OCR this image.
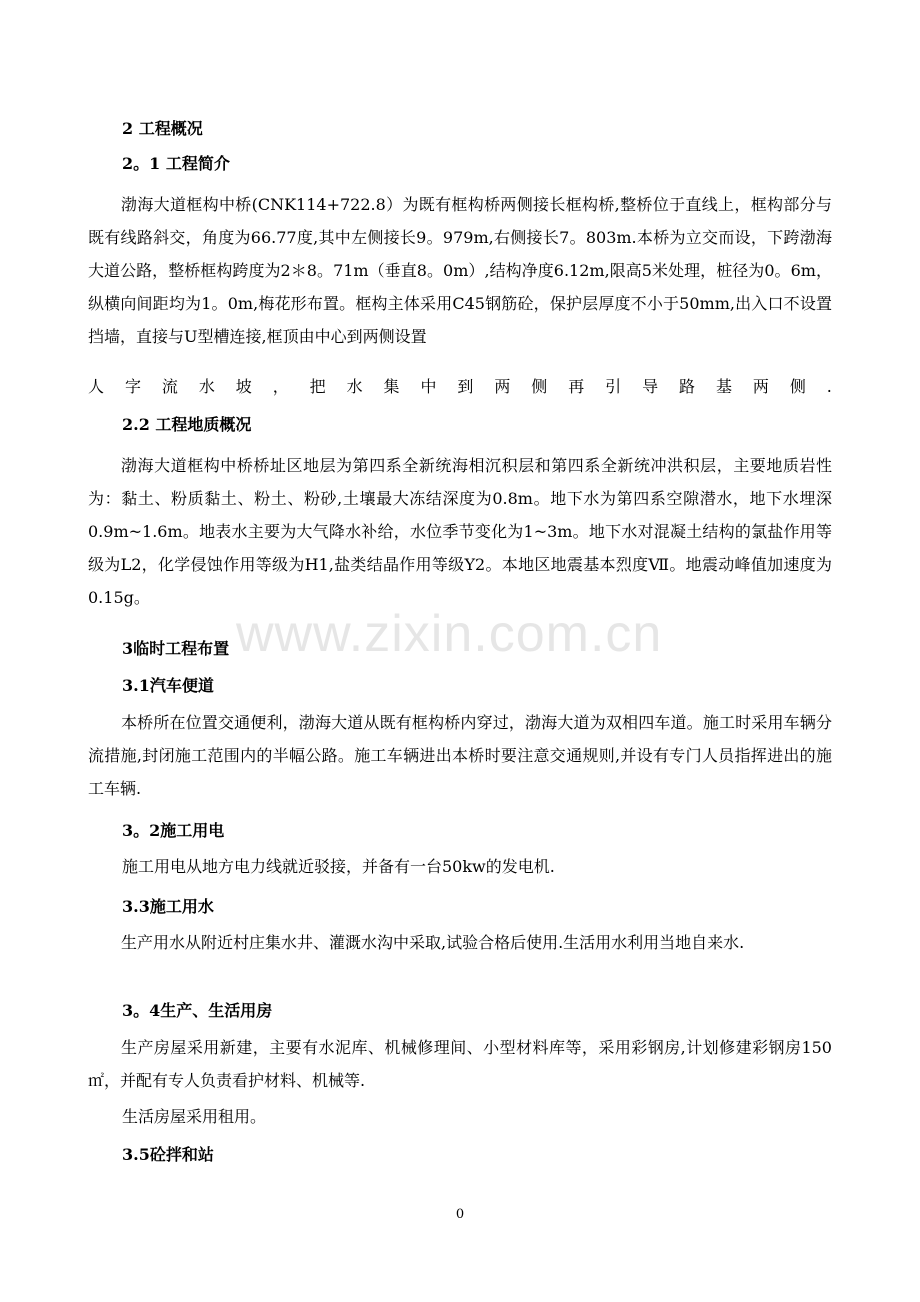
2 工程概况
2。1 工程简介
渤海大道框构中桥(CNK114+722.8）为既有框构桥两侧接长框构桥,整桥位于直线上，框构部分与既有线路斜交，角度为66.77度,其中左侧接长9。979m,右侧接长7。803m.本桥为立交而设，下跨渤海大道公路，整桥框构跨度为2＊8。71m（垂直8。0m）,结构净度6.12m,限高5米处理，桩径为0。6m，纵横向间距均为1。0m,梅花形布置。框构主体采用C45钢筋砼，保护层厚度不小于50mm,出入口不设置挡墙，直接与U型槽连接,框顶由中心到两侧设置
人 字 流 水 坡 ， 把 水 集 中 到 两 侧 再 引 导 路 基 两 侧 .
2.2 工程地质概况
渤海大道框构中桥桥址区地层为第四系全新统海相沉积层和第四系全新统冲洪积层，主要地质岩性为：黏土、粉质黏土、粉土、粉砂,土壤最大冻结深度为0.8m。地下水为第四系空隙潜水，地下水埋深0.9m~1.6m。地表水主要为大气降水补给，水位季节变化为1~3m。地下水对混凝土结构的氯盐作用等级为L2，化学侵蚀作用等级为H1,盐类结晶作用等级Y2。本地区地震基本烈度Ⅶ。地震动峰值加速度为0.15g。
3临时工程布置
3.1汽车便道
本桥所在位置交通便利，渤海大道从既有框构桥内穿过，渤海大道为双相四车道。施工时采用车辆分流措施,封闭施工范围内的半幅公路。施工车辆进出本桥时要注意交通规则,并设有专门人员指挥进出的施工车辆.
3。2施工用电
施工用电从地方电力线就近驳接，并备有一台50kw的发电机.
3.3施工用水
生产用水从附近村庄集水井、灌溉水沟中采取,试验合格后使用.生活用水利用当地自来水.
3。4生产、生活用房
生产房屋采用新建，主要有水泥库、机械修理间、小型材料库等，采用彩钢房,计划修建彩钢房150㎡，并配有专人负责看护材料、机械等.
生活房屋采用租用。
3.5砼拌和站
www.zixin.com.cn
0
